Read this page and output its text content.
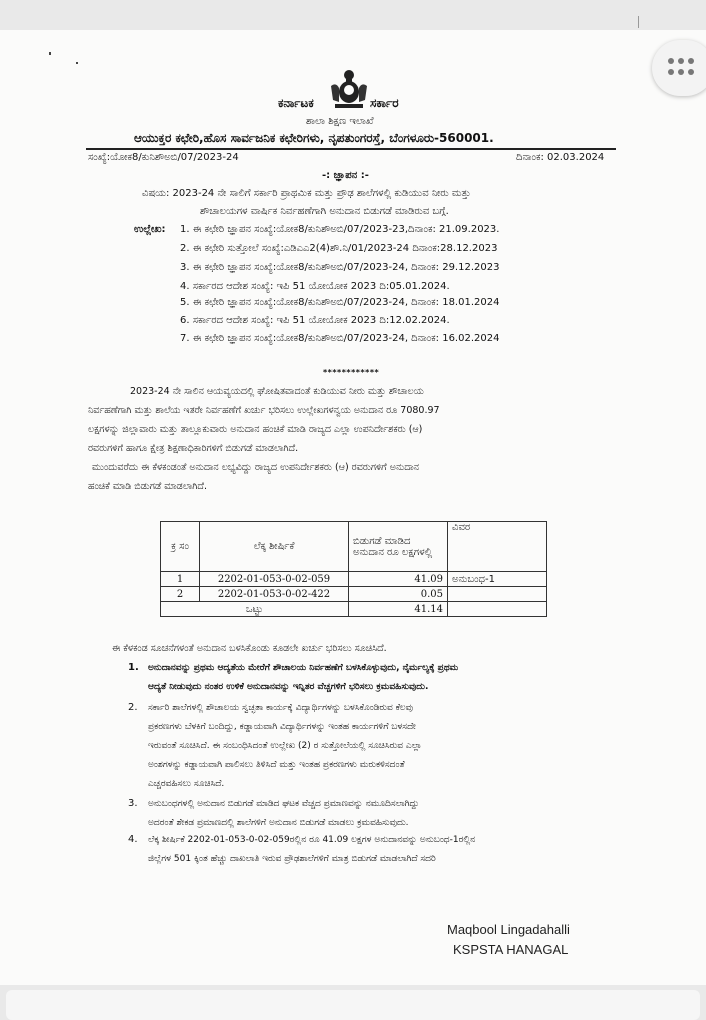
ಕರ್ನಾಟಕ	ಸರ್ಕಾರ
ಶಾಲಾ ಶಿಕ್ಷಣ ಇಲಾಖೆ
ಆಯುಕ್ತರ ಕಛೇರಿ,ಹೊಸ ಸಾರ್ವಜನಿಕ ಕಛೇರಿಗಳು, ನೃಪತುಂಗರಸ್ತೆ, ಬೆಂಗಳೂರು-560001.
ಸಂಖ್ಯೆ:ಯೋಕ8/ಕುನಿಶೌಅಬಿ/07/2023-24	ದಿನಾಂಕ: 02.03.2024
-: ಜ್ಞಾಪನ :-
ವಿಷಯ: 2023-24 ನೇ ಸಾಲಿಗೆ ಸರ್ಕಾರಿ ಪ್ರಾಥಮಿಕ ಮತ್ತು ಪ್ರೌಢ ಶಾಲೆಗಳಲ್ಲಿ ಕುಡಿಯುವ ನೀರು ಮತ್ತು
ಶೌಚಾಲಯಗಳ ವಾರ್ಷಿಕ ನಿರ್ವಹಣೆಗಾಗಿ ಅನುದಾನ ಬಿಡುಗಡೆ ಮಾಡಿರುವ ಬಗ್ಗೆ.
ಉಲ್ಲೇಖ: 1. ಈ ಕಛೇರಿ ಜ್ಞಾಪನ ಸಂಖ್ಯೆ:ಯೋಕ8/ಕುನಿಶೌಅಬಿ/07/2023-23,ದಿನಾಂಕ: 21.09.2023.
2. ಈ ಕಛೇರಿ ಸುತ್ತೋಲೆ ಸಂಖ್ಯೆ:ಎಡಿಎಎ2(4)ಶೌ.ನಿ/01/2023-24 ದಿನಾಂಕ:28.12.2023
3. ಈ ಕಛೇರಿ ಜ್ಞಾಪನ ಸಂಖ್ಯೆ:ಯೋಕ8/ಕುನಿಶೌಅಬಿ/07/2023-24, ದಿನಾಂಕ: 29.12.2023
4. ಸರ್ಕಾರದ ಆದೇಶ ಸಂಖ್ಯೆ: ಇಪಿ 51 ಯೋಯೋಕ 2023 ದಿ:05.01.2024.
5. ಈ ಕಛೇರಿ ಜ್ಞಾಪನ ಸಂಖ್ಯೆ:ಯೋಕ8/ಕುನಿಶೌಅಬಿ/07/2023-24, ದಿನಾಂಕ: 18.01.2024
6. ಸರ್ಕಾರದ ಆದೇಶ ಸಂಖ್ಯೆ: ಇಪಿ 51 ಯೋಯೋಕ 2023 ದಿ:12.02.2024.
7. ಈ ಕಛೇರಿ ಜ್ಞಾಪನ ಸಂಖ್ಯೆ:ಯೋಕ8/ಕುನಿಶೌಅಬಿ/07/2023-24, ದಿನಾಂಕ: 16.02.2024
************
2023-24 ನೇ ಸಾಲಿನ ಆಯವ್ಯಯದಲ್ಲಿ ಘೋಷಿತವಾದಂತೆ ಕುಡಿಯುವ ನೀರು ಮತ್ತು ಶೌಚಾಲಯ
ನಿರ್ವಹಣೆಗಾಗಿ ಮತ್ತು ಶಾಲೆಯ ಇತರೇ ನಿರ್ವಹಣೆಗೆ ಖರ್ಚು ಭರಿಸಲು ಉಲ್ಲೇಖಗಳನ್ವಯ ಅನುದಾನ ರೂ 7080.97
ಲಕ್ಷಗಳನ್ನು ಜಿಲ್ಲಾವಾರು ಮತ್ತು ತಾಲ್ಲೂಕುವಾರು ಅನುದಾನ ಹಂಚಿಕೆ ಮಾಡಿ ರಾಜ್ಯದ ಎಲ್ಲಾ ಉಪನಿರ್ದೇಶಕರು (ಆ)
ರವರುಗಳಿಗೆ ಹಾಗೂ ಕ್ಷೇತ್ರ ಶಿಕ್ಷಣಾಧಿಕಾರಿಗಳಿಗೆ ಬಿಡುಗಡೆ ಮಾಡಲಾಗಿದೆ.
ಮುಂದುವರೆದು ಈ ಕೆಳಕಂಡಂತೆ ಅನುದಾನ ಲಭ್ಯವಿದ್ದು ರಾಜ್ಯದ ಉಪನಿರ್ದೇಶಕರು (ಆ) ರವರುಗಳಿಗೆ ಅನುದಾನ
ಹಂಚಿಕೆ ಮಾಡಿ ಬಿಡುಗಡೆ ಮಾಡಲಾಗಿದೆ.
ಕ್ರ ಸಂ	ಲೆಕ್ಕ ಶೀರ್ಷಿಕೆ	ಬಿಡುಗಡೆ ಮಾಡಿದ ಅನುದಾನ ರೂ ಲಕ್ಷಗಳಲ್ಲಿ	ವಿವರ
1	2202-01-053-0-02-059	41.09	ಅನುಬಂಧ-1
2	2202-01-053-0-02-422	0.05	
ಒಟ್ಟು		41.14	
ಈ ಕೆಳಕಂಡ ಸೂಚನೆಗಳಂತೆ ಅನುದಾನ ಬಳಸಿಕೊಂಡು ಕೂಡಲೇ ಖರ್ಚು ಭರಿಸಲು ಸೂಚಿಸಿದೆ.
1. ಅನುದಾನವನ್ನು ಪ್ರಥಮ ಆದ್ಯತೆಯ ಮೇರೆಗೆ ಶೌಚಾಲಯ ನಿರ್ವಹಣೆಗೆ ಬಳಸಿಕೊಳ್ಳುವುದು, ನೈರ್ಮಲ್ಯಕ್ಕೆ ಪ್ರಥಮ
ಆದ್ಯತೆ ನೀಡುವುದು ನಂತರ ಉಳಿಕೆ ಅನುದಾನವನ್ನು ಇನ್ನಿತರ ವೆಚ್ಚಗಳಿಗೆ ಭರಿಸಲು ಕ್ರಮವಹಿಸುವುದು.
2. ಸರ್ಕಾರಿ ಶಾಲೆಗಳಲ್ಲಿ ಶೌಚಾಲಯ ಸ್ವಚ್ಛತಾ ಕಾರ್ಯಕ್ಕೆ ವಿದ್ಯಾರ್ಥಿಗಳನ್ನು ಬಳಸಿಕೊಂಡಿರುವ ಕೆಲವು
ಪ್ರಕರಣಗಳು ಬೆಳಕಿಗೆ ಬಂದಿದ್ದು, ಕಡ್ಡಾಯವಾಗಿ ವಿದ್ಯಾರ್ಥಿಗಳನ್ನು ಇಂತಹ ಕಾರ್ಯಗಳಿಗೆ ಬಳಸದೇ
ಇರುವಂತೆ ಸೂಚಿಸಿದೆ. ಈ ಸಂಬಂಧಿಸಿದಂತೆ ಉಲ್ಲೇಖ (2) ರ ಸುತ್ತೋಲೆಯಲ್ಲಿ ಸೂಚಿಸಿರುವ ಎಲ್ಲಾ
ಅಂಶಗಳನ್ನು ಕಡ್ಡಾಯವಾಗಿ ಪಾಲಿಸಲು ತಿಳಿಸಿದೆ ಮತ್ತು ಇಂತಹ ಪ್ರಕರಣಗಳು ಮರುಕಳಿಸದಂತೆ
ಎಚ್ಚರವಹಿಸಲು ಸೂಚಿಸಿದೆ.
3. ಅನುಬಂಧಗಳಲ್ಲಿ ಅನುದಾನ ಬಿಡುಗಡೆ ಮಾಡಿದ ಘಟಕ ವೆಚ್ಚದ ಪ್ರಮಾಣವನ್ನು ನಮೂದಿಸಲಾಗಿದ್ದು
ಅದರಂತೆ ಶೇಕಡ ಪ್ರಮಾಣದಲ್ಲಿ ಶಾಲೆಗಳಿಗೆ ಅನುದಾನ ಬಿಡುಗಡೆ ಮಾಡಲು ಕ್ರಮವಹಿಸುವುದು.
4. ಲೆಕ್ಕ ಶೀರ್ಷಿಕೆ 2202-01-053-0-02-059ರಲ್ಲಿನ ರೂ 41.09 ಲಕ್ಷಗಳ ಅನುದಾನವನ್ನು ಅನುಬಂಧ-1ರಲ್ಲಿನ
ಜಿಲ್ಲೆಗಳ 501 ಕ್ಕಿಂತ ಹೆಚ್ಚು ದಾಖಲಾತಿ ಇರುವ ಪ್ರೌಢಶಾಲೆಗಳಿಗೆ ಮಾತ್ರ ಬಿಡುಗಡೆ ಮಾಡಲಾಗಿದೆ ಸದರಿ
Maqbool Lingadahalli
KSPSTA HANAGAL
